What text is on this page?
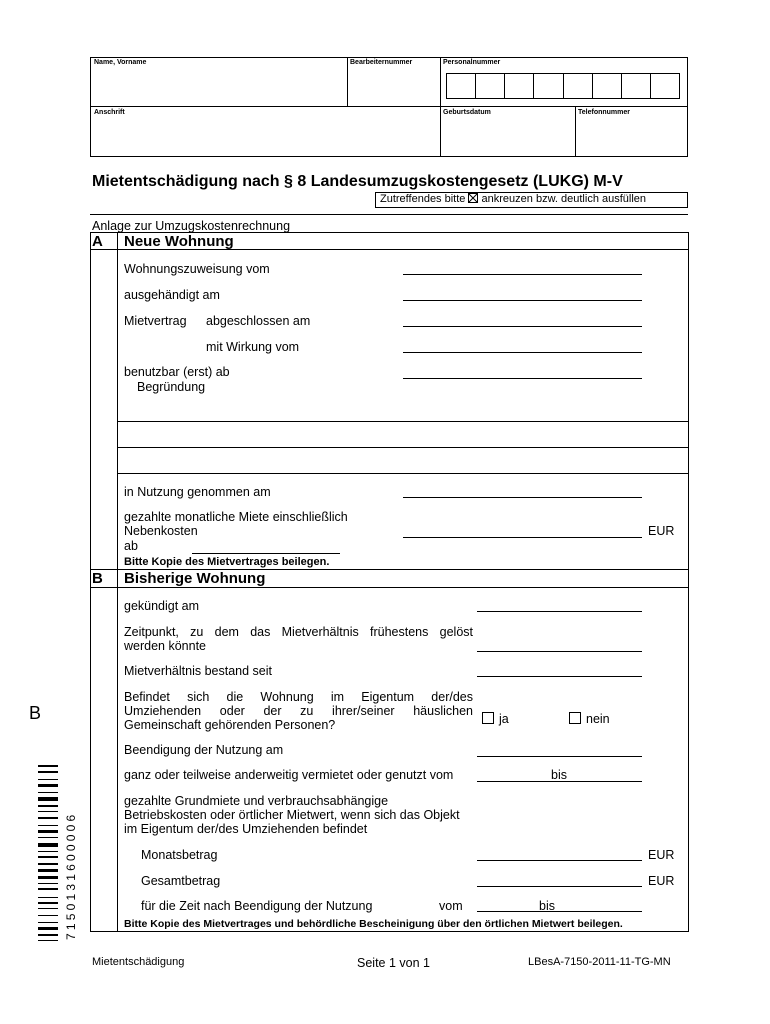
Name, Vorname	Bearbeiternummer	Personalnummer
Anschrift	Geburtsdatum	Telefonnummer
Mietentschädigung nach § 8 Landesumzugskostengesetz (LUKG) M-V
Zutreffendes bitte ankreuzen bzw. deutlich ausfüllen
Anlage zur Umzugskostenrechnung
A Neue Wohnung
Wohnungszuweisung vom
ausgehändigt am
Mietvertrag abgeschlossen am
mit Wirkung vom
benutzbar (erst) ab
Begründung
in Nutzung genommen am
gezahlte monatliche Miete einschließlich
Nebenkosten	EUR
ab
Bitte Kopie des Mietvertrages beilegen.
B Bisherige Wohnung
gekündigt am
Zeitpunkt, zu dem das Mietverhältnis frühestens gelöst
werden könnte
Mietverhältnis bestand seit
Befindet sich die Wohnung im Eigentum der/des
Umziehenden oder der zu ihrer/seiner häuslichen
Gemeinschaft gehörenden Personen?	ja	nein
Beendigung der Nutzung am
ganz oder teilweise anderweitig vermietet oder genutzt vom	bis
gezahlte Grundmiete und verbrauchsabhängige
Betriebskosten oder örtlicher Mietwert, wenn sich das Objekt
im Eigentum der/des Umziehenden befindet
Monatsbetrag	EUR
Gesamtbetrag	EUR
für die Zeit nach Beendigung der Nutzung	vom	bis
Bitte Kopie des Mietvertrages und behördliche Bescheinigung über den örtlichen Mietwert beilegen.
B
7150131600006
Mietentschädigung	Seite 1 von 1	LBesA-7150-2011-11-TG-MN
